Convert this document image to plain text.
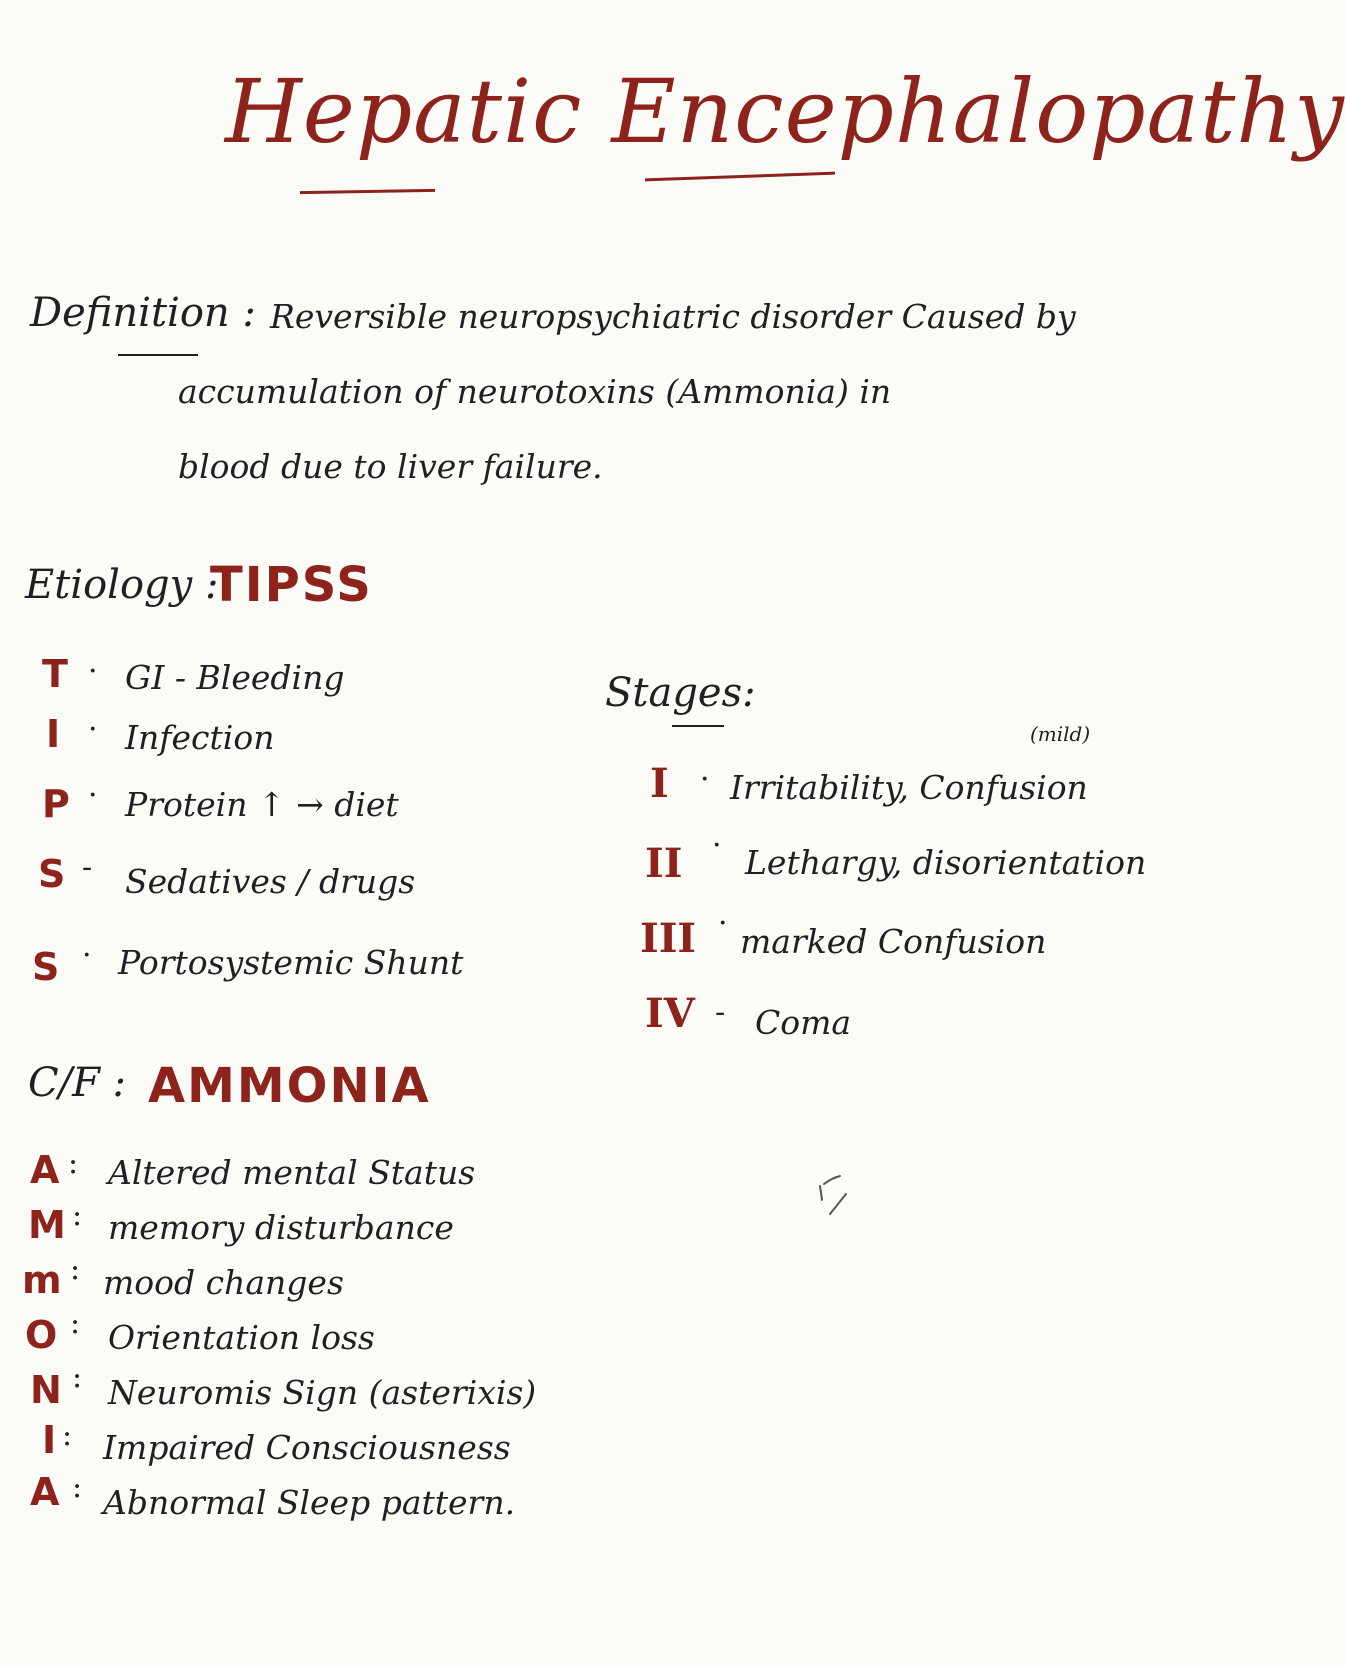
Hepatic Encephalopathy
Definition : Reversible neuropsychiatric disorder Caused by
accumulation of neurotoxins (Ammonia) in
blood due to liver failure.
Etiology :
TIPSS
T · GI - Bleeding
I · Infection
P · Protein ↑ → diet
S - Sedatives / drugs
S · Portosystemic Shunt
Stages:
(mild)
I · Irritability, Confusion
II · Lethargy, disorientation
III · marked Confusion
IV - Coma
C/F : AMMONIA
A : Altered mental Status
M : memory disturbance
m : mood changes
O : Orientation loss
N : Neuromis Sign (asterixis)
I : Impaired Consciousness
A : Abnormal Sleep pattern.
